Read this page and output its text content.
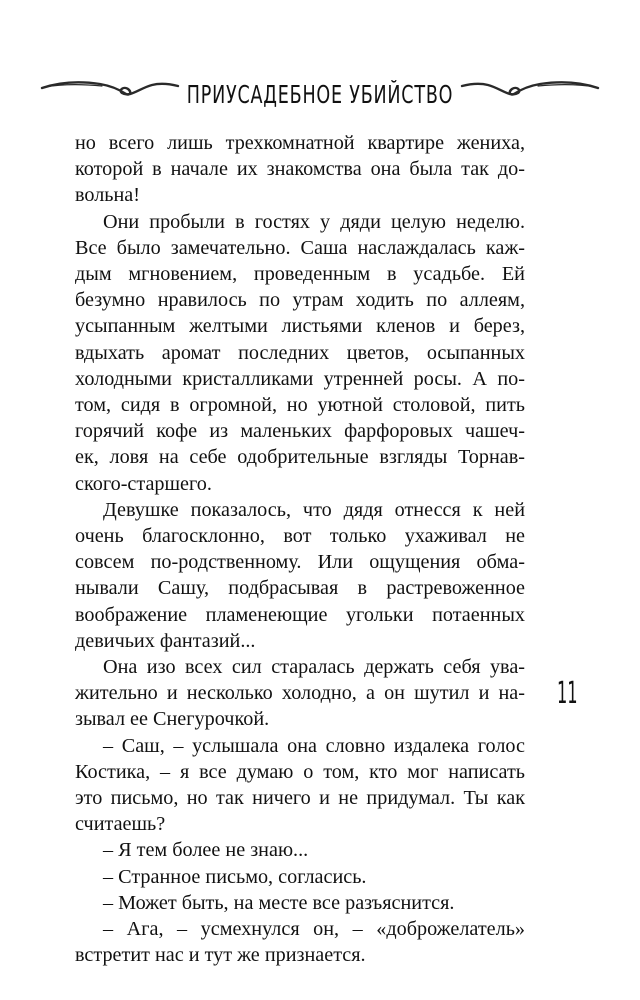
ПРИУСАДЕБНОЕ УБИЙСТВО

но всего лишь трехкомнатной квартире жениха,
которой в начале их знакомства она была так до-
вольна!

Они пробыли в гостях у дяди целую неделю.
Все было замечательно. Саша наслаждалась каж-
дым мгновением, проведенным в усадьбе. Ей
безумно нравилось по утрам ходить по аллеям,
усыпанным желтыми листьями кленов и берез,
вдыхать аромат последних цветов, осыпанных
холодными кристалликами утренней росы. А по-
том, сидя в огромной, но уютной столовой, пить
горячий кофе из маленьких фарфоровых чашеч-
ек, ловя на себе одобрительные взгляды Торнав-
ского-старшего.

Девушке показалось, что дядя отнесся к ней
очень благосклонно, вот только ухаживал не
совсем по-родственному. Или ощущения обма-
нывали Сашу, подбрасывая в растревоженное
воображение пламенеющие угольки потаенных
девичьих фантазий...

Она изо всех сил старалась держать себя ува-
жительно и несколько холодно, а он шутил и на-
зывал ее Снегурочкой.

– Саш, – услышала она словно издалека голос
Костика, – я все думаю о том, кто мог написать
это письмо, но так ничего и не придумал. Ты как
считаешь?

– Я тем более не знаю...

– Странное письмо, согласись.

– Может быть, на месте все разъяснится.

– Ага, – усмехнулся он, – «доброжелатель»
встретит нас и тут же признается.

11
